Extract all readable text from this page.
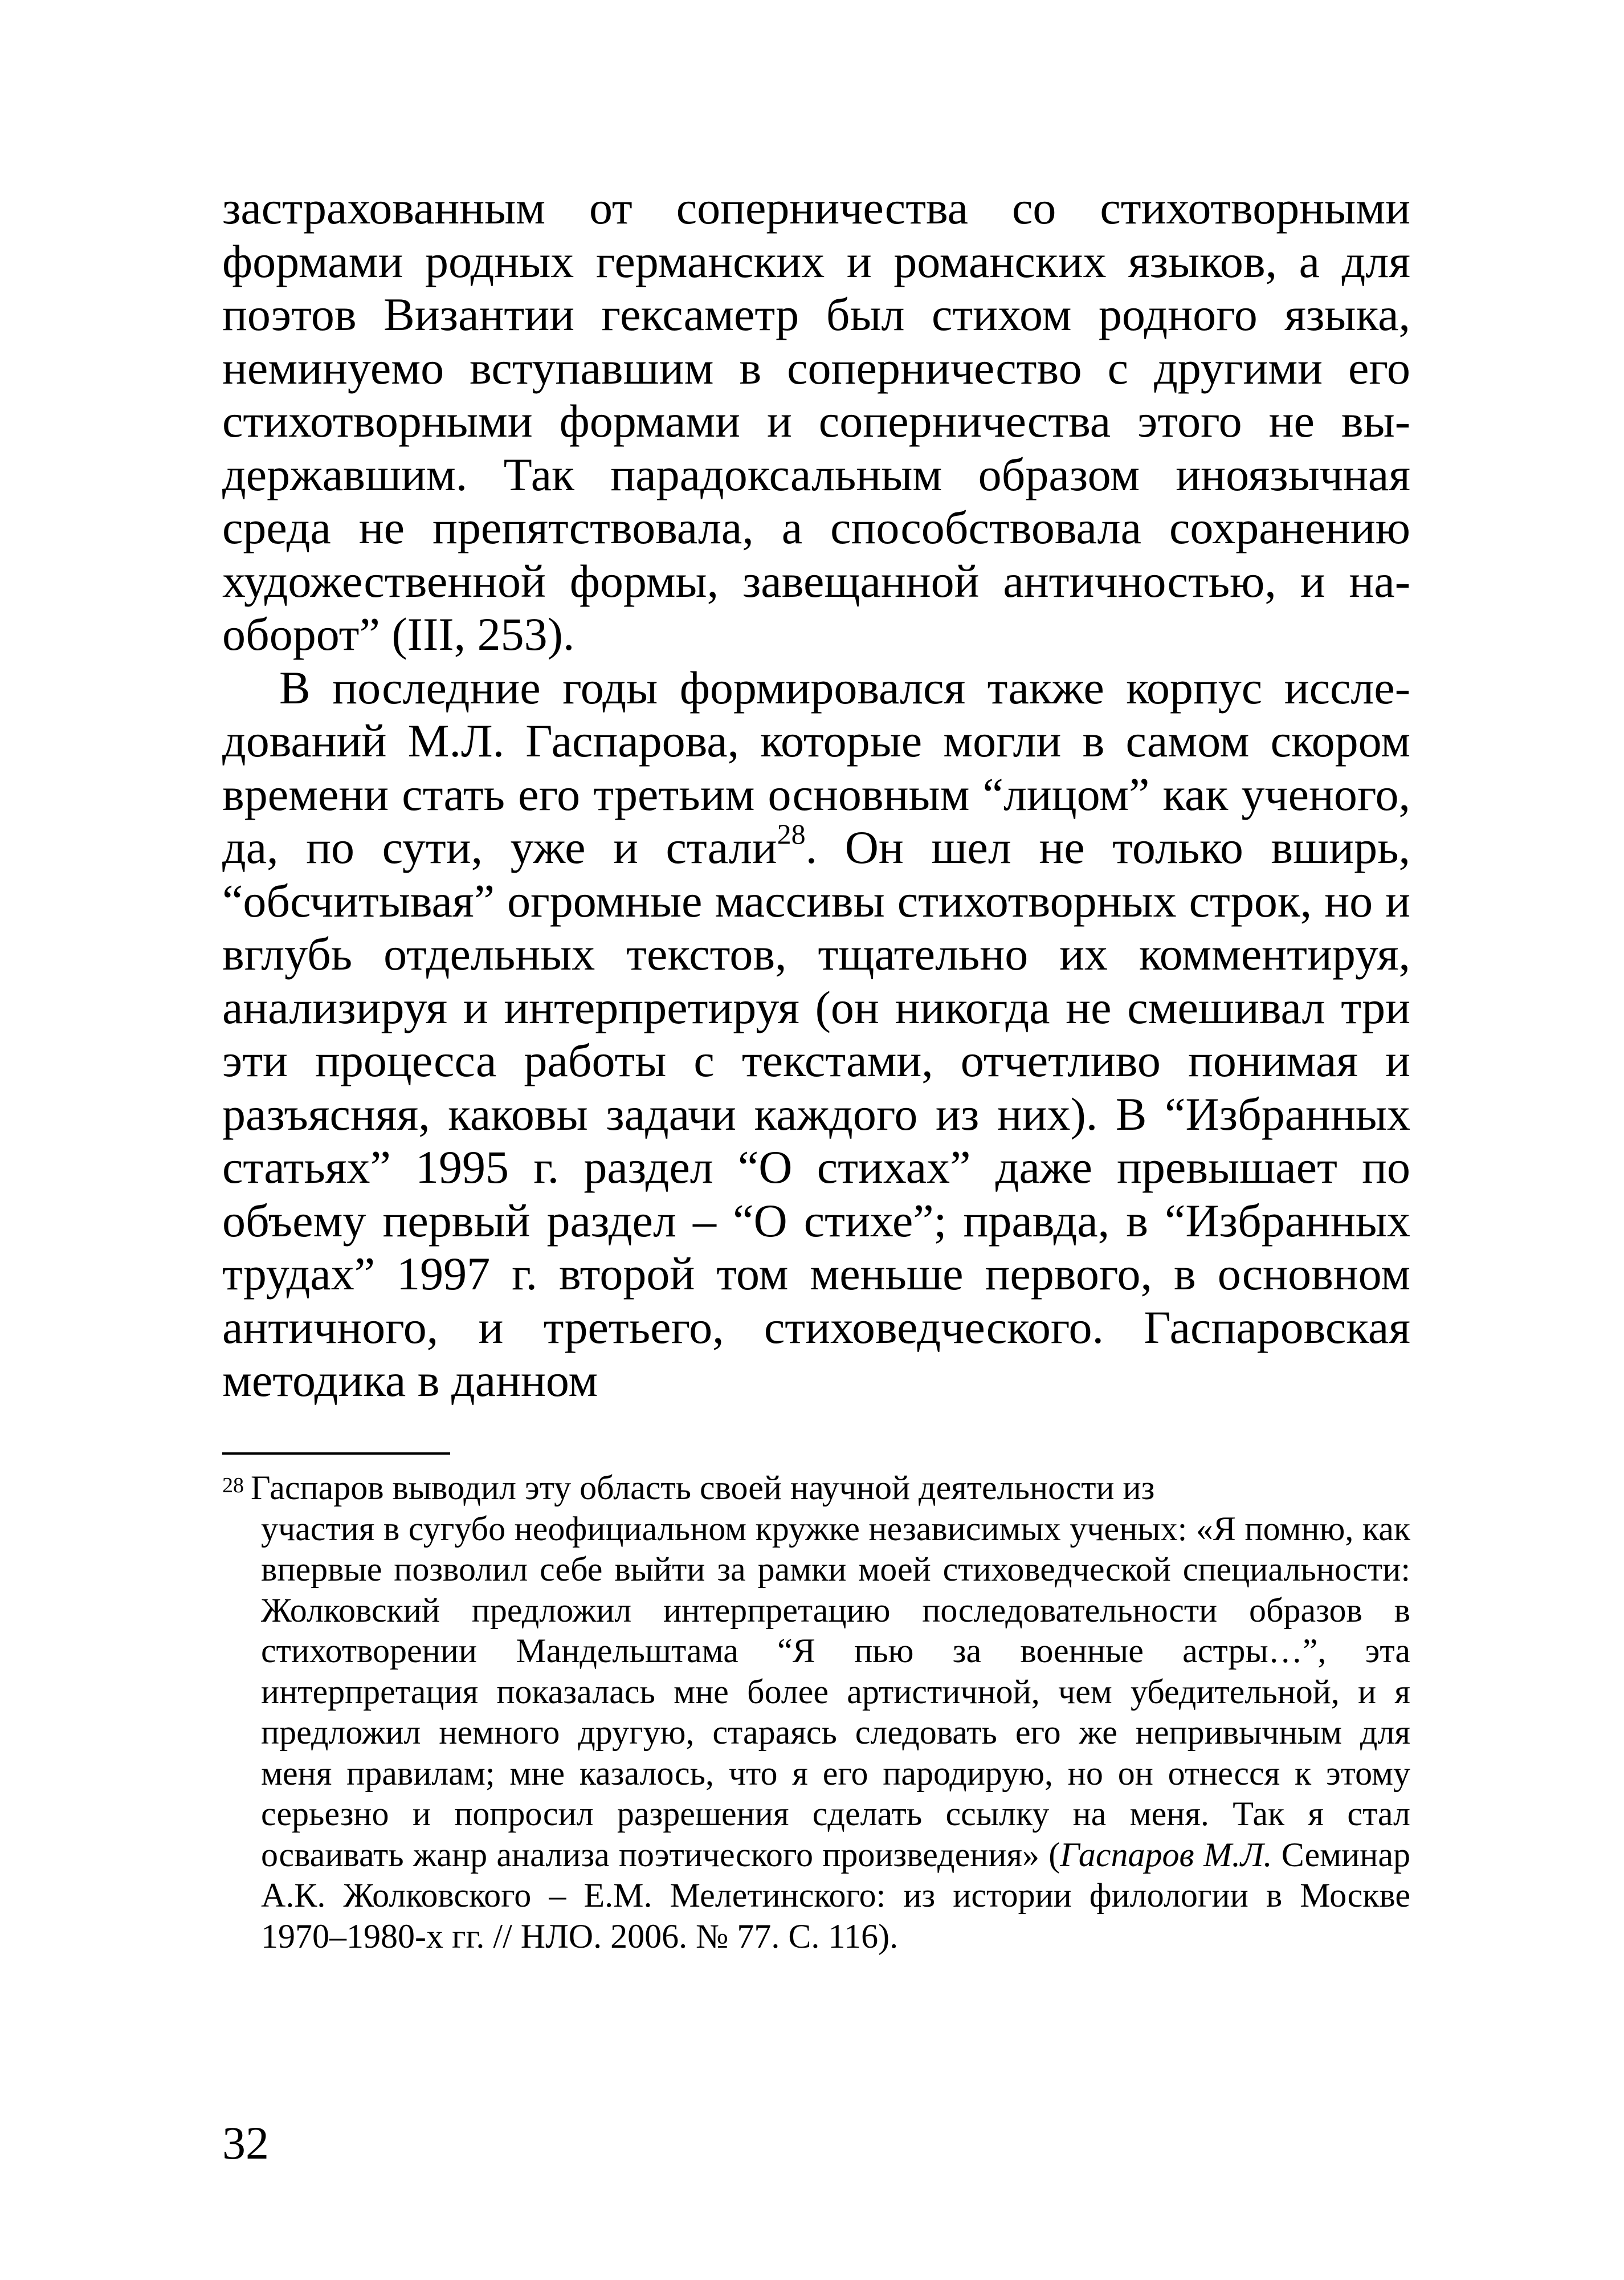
застрахованным от соперничества со стихотворными формами родных германских и романских языков, а для поэтов Византии гексаметр был стихом родного языка, неминуемо вступавшим в соперничество с другими его стихотворными формами и соперничества этого не выдержавшим. Так парадоксальным образом иноязычная среда не препятствовала, а способствовала сохранению художественной формы, завещанной античностью, и наоборот” (III, 253).

В последние годы формировался также корпус исследований М.Л. Гаспарова, которые могли в самом скором времени стать его третьим основным “лицом” как ученого, да, по сути, уже и стали$^{28}$. Он шел не только вширь, “обсчитывая” огромные массивы стихотворных строк, но и вглубь отдельных текстов, тщательно их комментируя, анализируя и интерпретируя (он никогда не смешивал три эти процесса работы с текстами, отчетливо понимая и разъясняя, каковы задачи каждого из них). В “Избранных статьях” 1995 г. раздел “О стихах” даже превышает по объему первый раздел – “О стихе”; правда, в “Избранных трудах” 1997 г. второй том меньше первого, в основном античного, и третьего, стиховедческого. Гаспаровская методика в данном

$^{28}$ Гаспаров выводил эту область своей научной деятельности из
участия в сугубо неофициальном кружке независимых ученых: «Я помню, как впервые позволил себе выйти за рамки моей стиховедческой специальности: Жолковский предложил интерпретацию последовательности образов в стихотворении Мандельштама “Я пью за военные астры…”, эта интерпретация показалась мне более артистичной, чем убедительной, и я предложил немного другую, стараясь следовать его же непривычным для меня правилам; мне казалось, что я его пародирую, но он отнесся к этому серьезно и попросил разрешения сделать ссылку на меня. Так я стал осваивать жанр анализа поэтического произведения» (Гаспаров М.Л. Семинар А.К. Жолковского – Е.М. Мелетинского: из истории филологии в Москве 1970–1980-х гг. // НЛО. 2006. № 77. С. 116).
32
